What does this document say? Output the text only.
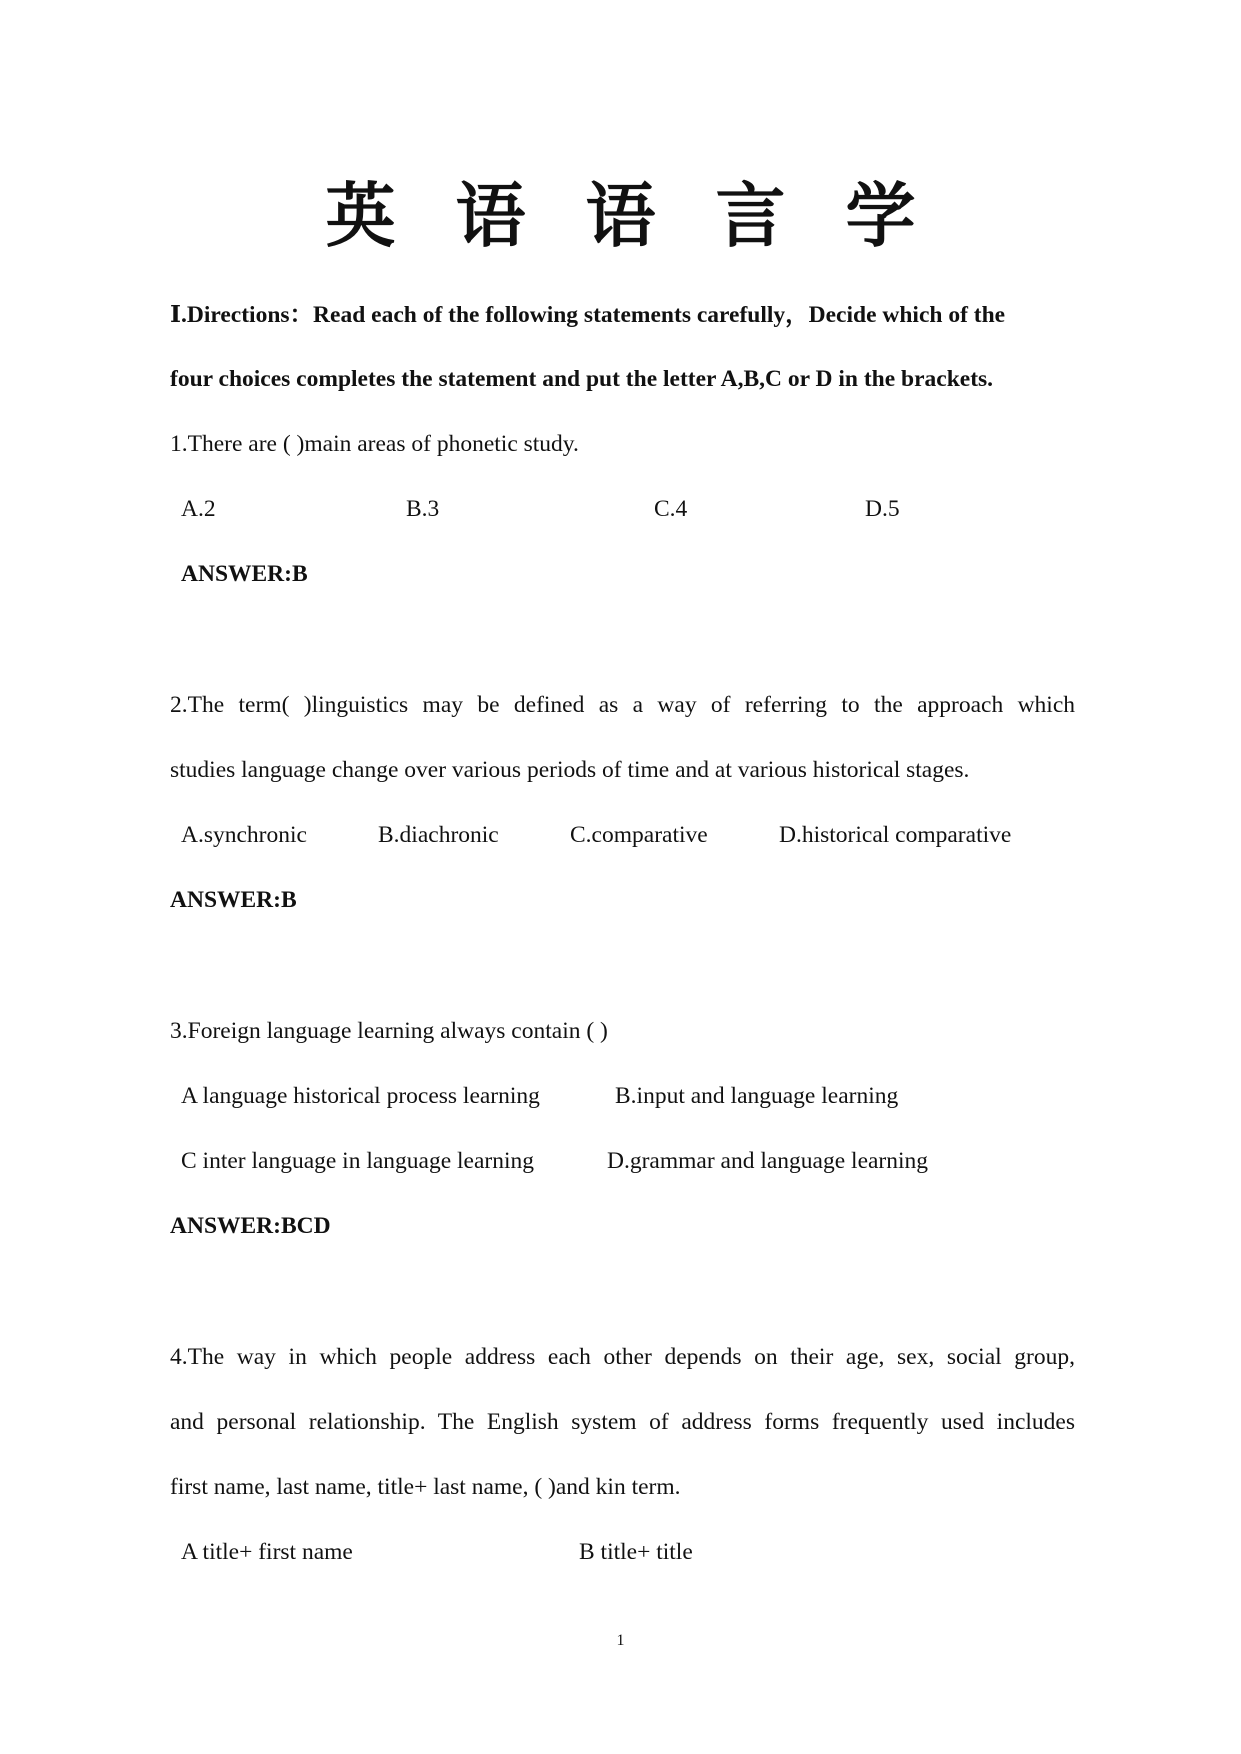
英 语 语 言 学
Ⅰ.Directions：Read each of the following statements carefully，Decide which of the
four choices completes the statement and put the letter A,B,C or D in the brackets.
1.There are ( )main areas of phonetic study.
A.2	B.3	C.4	D.5
ANSWER:B
2.The term( )linguistics may be defined as a way of referring to the approach which
studies language change over various periods of time and at various historical stages.
A.synchronic	B.diachronic	C.comparative	D.historical comparative
ANSWER:B
3.Foreign language learning always contain ( )
A language historical process learning	B.input and language learning
C inter language in language learning	D.grammar and language learning
ANSWER:BCD
4.The way in which people address each other depends on their age, sex, social group,
and personal relationship. The English system of address forms frequently used includes
first name, last name, title+ last name, ( )and kin term.
A title+ first name	B title+ title
1
